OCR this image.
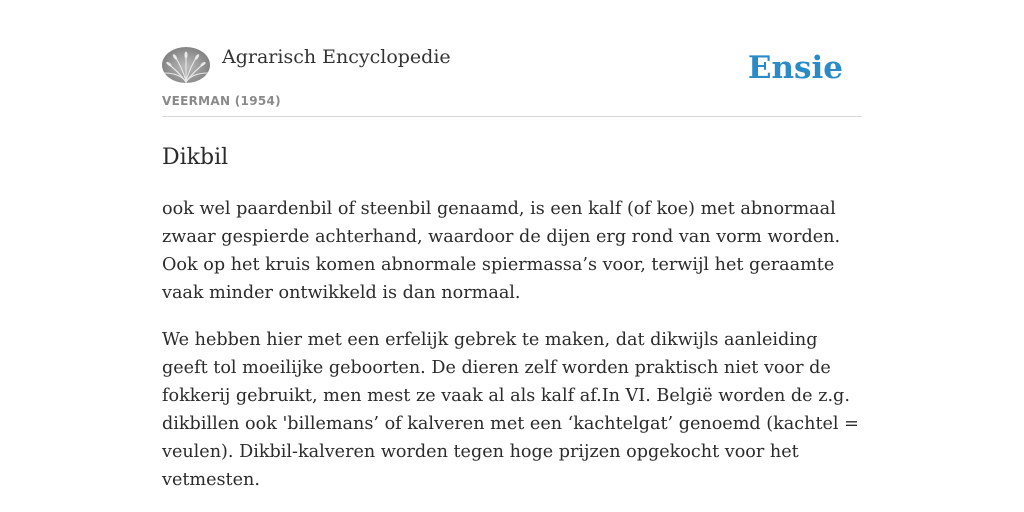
Agrarisch Encyclopedie
VEERMAN (1954)
Ensie
Dikbil

ook wel paardenbil of steenbil genaamd, is een kalf (of koe) met abnormaal zwaar gespierde achterhand, waardoor de dijen erg rond van vorm worden. Ook op het kruis komen abnormale spiermassa’s voor, terwijl het geraamte vaak minder ontwikkeld is dan normaal.

We hebben hier met een erfelijk gebrek te maken, dat dikwijls aanleiding geeft tol moeilijke geboorten. De dieren zelf worden praktisch niet voor de fokkerij gebruikt, men mest ze vaak al als kalf af.In VI. België worden de z.g. dikbillen ook 'billemans’ of kalveren met een ‘kachtelgat’ genoemd (kachtel = veulen). Dikbil-kalveren worden tegen hoge prijzen opgekocht voor het vetmesten.
